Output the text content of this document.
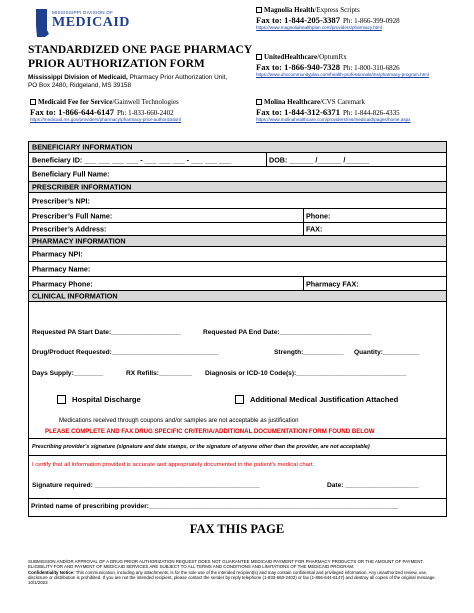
MISSISSIPPI DIVISION OF
MEDICAID
STANDARDIZED ONE PAGE PHARMACY
PRIOR AUTHORIZATION FORM
Mississippi Division of Medicaid, Pharmacy Prior Authorization Unit,
PO Box 2480, Ridgeland, MS 39158
Medicaid Fee for Service/Gainwell Technologies
Fax to: 1-866-644-6147 Ph: 1-833-660-2402
https://medicaid.ms.gov/providers/pharmacy/pharmacy-prior-authorization/
Magnolia Health/Express Scripts
Fax to: 1-844-205-3387 Ph: 1-866-399-0928
https://www.magnoliahealthplan.com/providers/pharmacy.html
UnitedHealthcare/OptumRx
Fax to: 1-866-940-7328 Ph: 1-800-310-6826
https://www.uhccommunityplan.com/health-professionals/ms/pharmacy-program.html
Molina Healthcare/CVS Caremark
Fax to: 1-844-312-6371 Ph: 1-844-826-4335
https://www.molinahealthcare.com/providers/ms/medicaid/pages/home.aspx
BENEFICIARY INFORMATION
Beneficiary ID: ___ ___ ___ ___ - ___ ___ ___ - ___ ___ ___	DOB: ______ /______ /______
Beneficiary Full Name:
PRESCRIBER INFORMATION
Prescriber’s NPI:
Prescriber’s Full Name:	Phone:
Prescriber’s Address:	FAX:
PHARMACY INFORMATION
Pharmacy NPI:
Pharmacy Name:
Pharmacy Phone:	Pharmacy FAX:
CLINICAL INFORMATION
Requested PA Start Date:___________________	Requested PA End Date:_________________________
Drug/Product Requested:_____________________________	Strength:___________ Quantity:__________
Days Supply:________	RX Refills:_________ Diagnosis or ICD-10 Code(s):______________________________
Hospital Discharge	Additional Medical Justification Attached
Medications received through coupons and/or samples are not acceptable as justification
PLEASE COMPLETE AND FAX DRUG SPECIFIC CRITERIA/ADDITIONAL DOCUMENTATION FORM FOUND BELOW
Prescribing provider’s signature (signature and date stamps, or the signature of anyone other than the provider, are not acceptable)
I certify that all information provided is accurate and appropriately documented in the patient’s medical chart.
Signature required: _____________________________________________	Date: ____________________
Printed name of prescribing provider:____________________________________________________________________
FAX THIS PAGE
SUBMISSION AND/OR APPROVAL OF A DRUG PRIOR AUTHORIZATION REQUEST DOES NOT GUARANTEE MEDICAID PAYMENT FOR PHARMACY PRODUCTS OR THE AMOUNT OF PAYMENT.
ELIGIBILITY FOR AND PAYMENT OF MEDICAID SERVICES ARE SUBJECT TO ALL TERMS AND CONDITIONS AND LIMITATIONS OF THE MEDICAID PROGRAM.
Confidentiality Notice: This communication, including any attachments, is for the sole use of the intended recipient(s) and may contain confidential and privileged information. Any unauthorized review, use,
disclosure or distribution is prohibited. If you are not the intended recipient, please contact the sender by reply telephone (1-833-660-2402) or fax (1-866-644-6147) and destroy all copies of the original message.
10/1/2023
